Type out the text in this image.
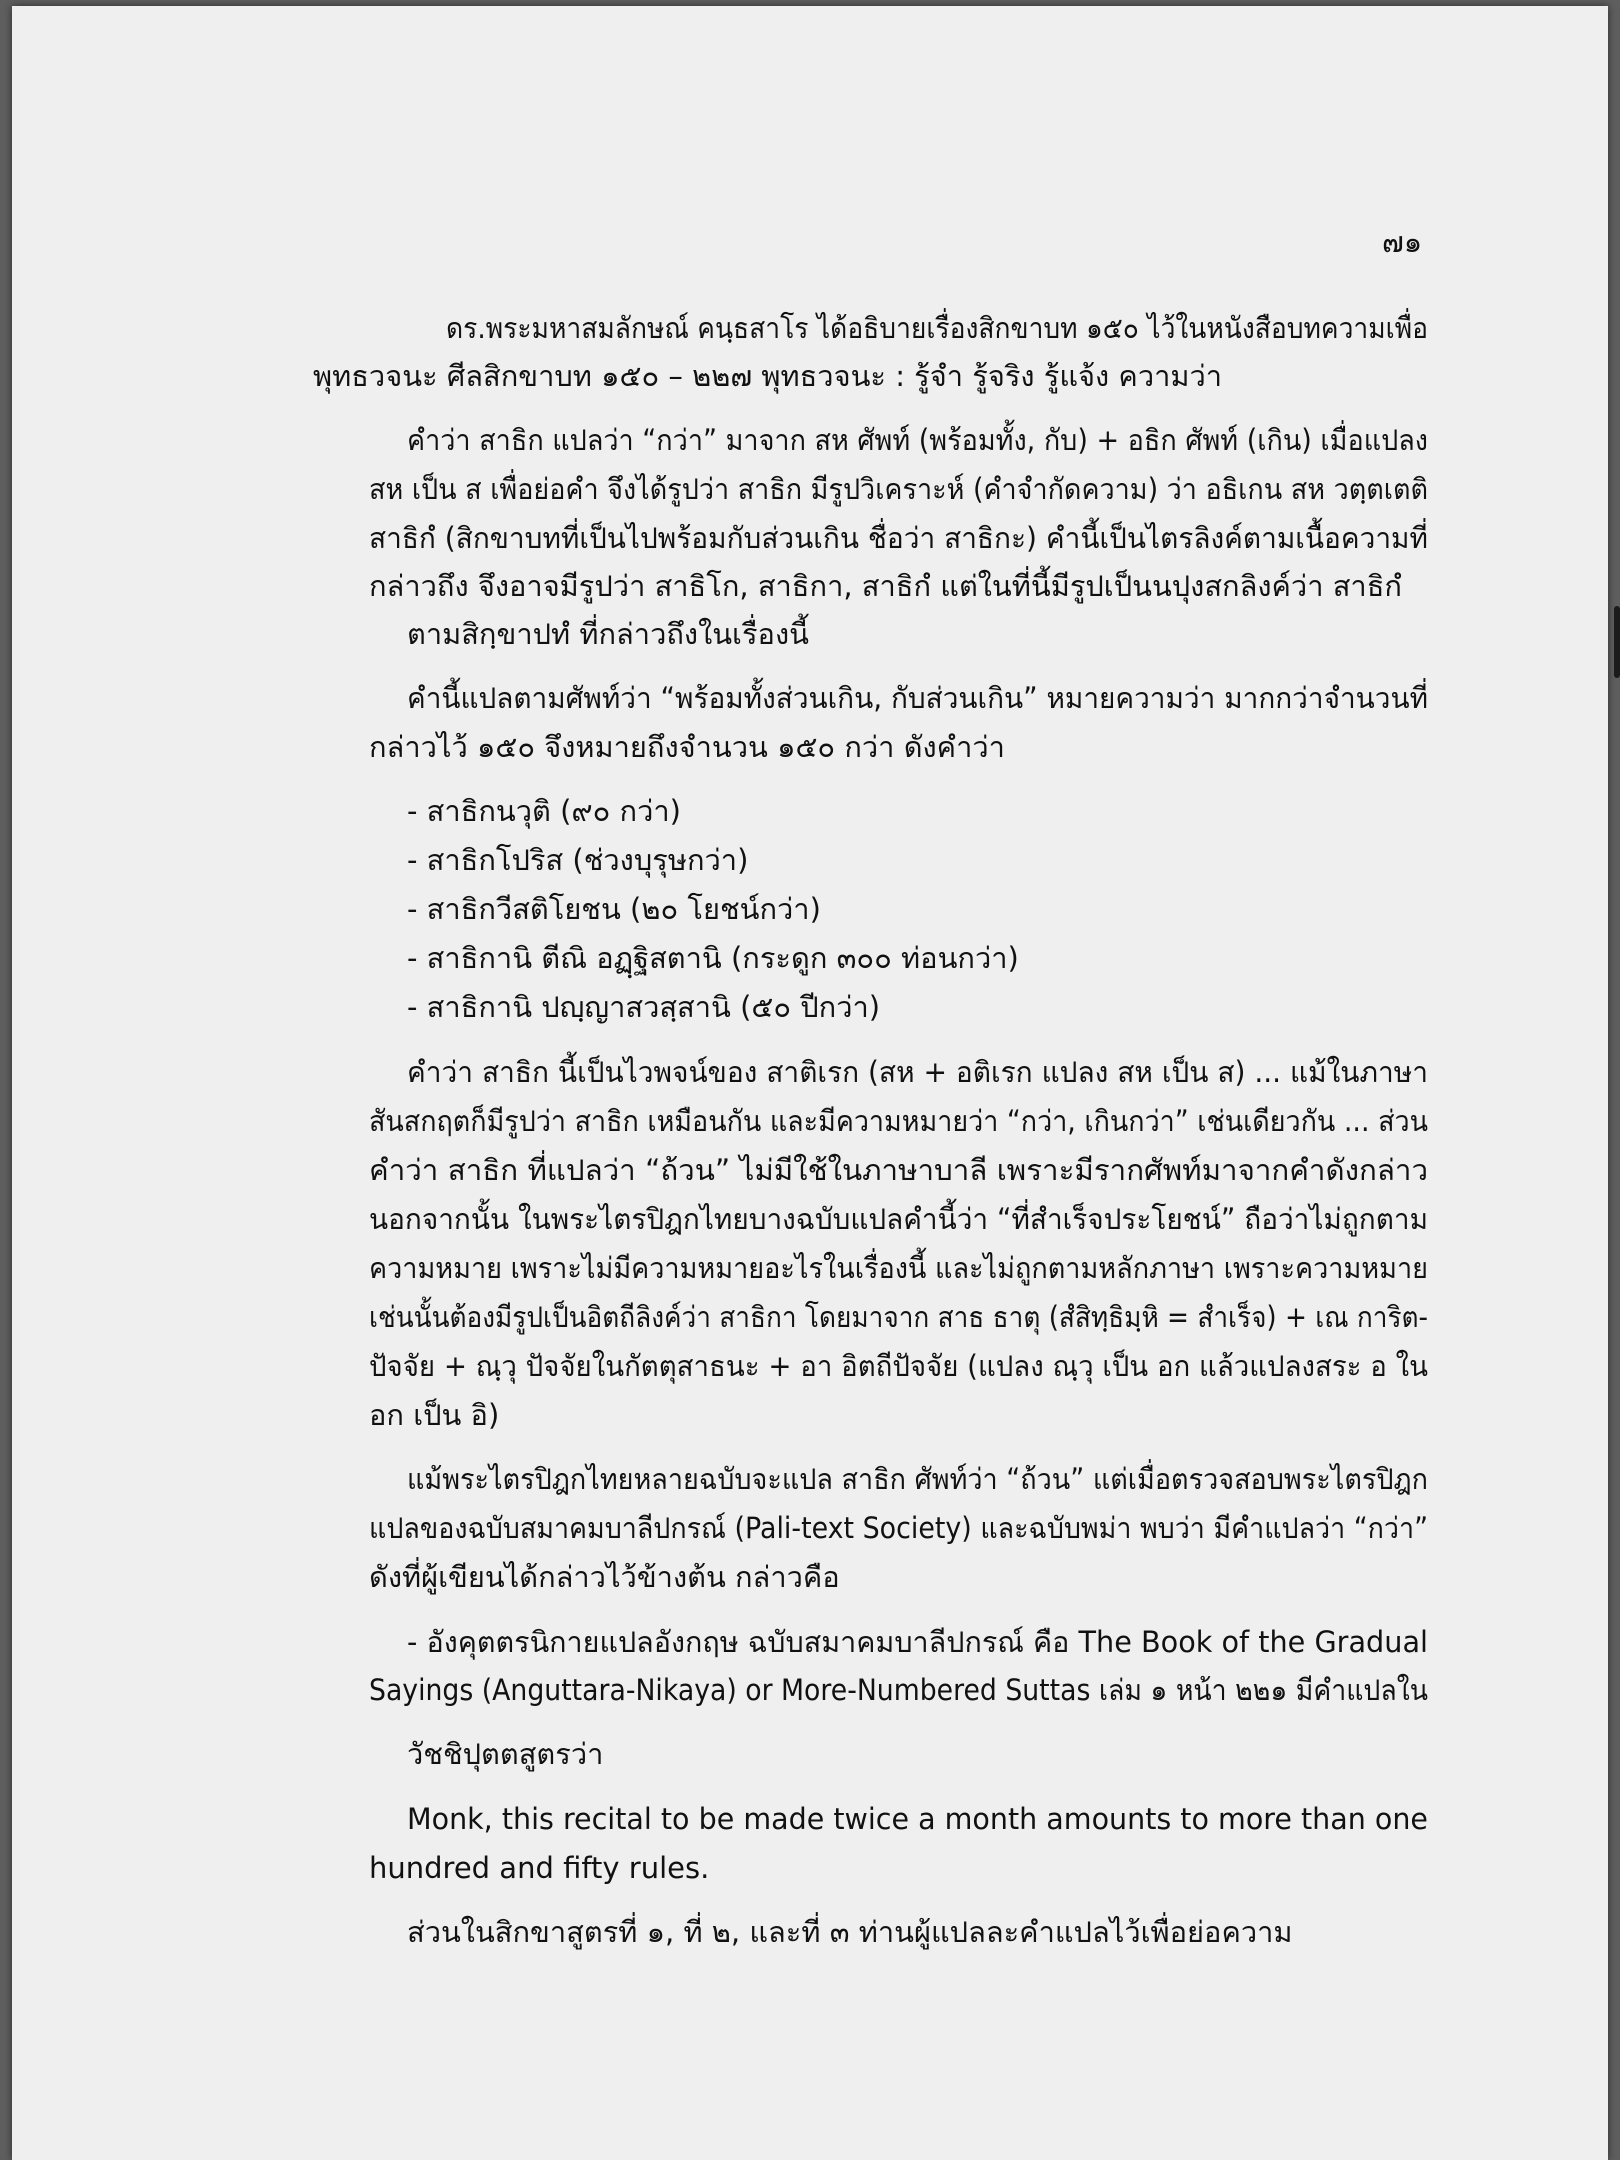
๗๑
ดร.พระมหาสมลักษณ์ คนฺธสาโร ได้อธิบายเรื่องสิกขาบท ๑๕๐ ไว้ในหนังสือบทความเพื่อ
พุทธวจนะ ศีลสิกขาบท ๑๕๐ – ๒๒๗ พุทธวจนะ : รู้จำ รู้จริง รู้แจ้ง ความว่า
คำว่า สาธิก แปลว่า “กว่า” มาจาก สห ศัพท์ (พร้อมทั้ง, กับ) + อธิก ศัพท์ (เกิน) เมื่อแปลง
สห เป็น ส เพื่อย่อคำ จึงได้รูปว่า สาธิก มีรูปวิเคราะห์ (คำจำกัดความ) ว่า อธิเกน สห วตฺตเตติ
สาธิกํ (สิกขาบทที่เป็นไปพร้อมกับส่วนเกิน ชื่อว่า สาธิกะ) คำนี้เป็นไตรลิงค์ตามเนื้อความที่
กล่าวถึง จึงอาจมีรูปว่า สาธิโก, สาธิกา, สาธิกํ แต่ในที่นี้มีรูปเป็นนปุงสกลิงค์ว่า สาธิกํ
ตามสิกฺขาปทํ ที่กล่าวถึงในเรื่องนี้
คำนี้แปลตามศัพท์ว่า “พร้อมทั้งส่วนเกิน, กับส่วนเกิน” หมายความว่า มากกว่าจำนวนที่
กล่าวไว้ ๑๕๐ จึงหมายถึงจำนวน ๑๕๐ กว่า ดังคำว่า
- สาธิกนวุติ (๙๐ กว่า)
- สาธิกโปริส (ช่วงบุรุษกว่า)
- สาธิกวีสติโยชน (๒๐ โยชน์กว่า)
- สาธิกานิ ตีณิ อฏฺฐิสตานิ (กระดูก ๓๐๐ ท่อนกว่า)
- สาธิกานิ ปญฺญาสวสฺสานิ (๕๐ ปีกว่า)
คำว่า สาธิก นี้เป็นไวพจน์ของ สาติเรก (สห + อติเรก แปลง สห เป็น ส) ... แม้ในภาษา
สันสกฤตก็มีรูปว่า สาธิก เหมือนกัน และมีความหมายว่า “กว่า, เกินกว่า” เช่นเดียวกัน ... ส่วน
คำว่า สาธิก ที่แปลว่า “ถ้วน” ไม่มีใช้ในภาษาบาลี เพราะมีรากศัพท์มาจากคำดังกล่าว
นอกจากนั้น ในพระไตรปิฎกไทยบางฉบับแปลคำนี้ว่า “ที่สำเร็จประโยชน์” ถือว่าไม่ถูกตาม
ความหมาย เพราะไม่มีความหมายอะไรในเรื่องนี้ และไม่ถูกตามหลักภาษา เพราะความหมาย
เช่นนั้นต้องมีรูปเป็นอิตถีลิงค์ว่า สาธิกา โดยมาจาก สาธ ธาตุ (สํสิทฺธิมฺหิ = สำเร็จ) + เณ การิต-
ปัจจัย + ณฺวุ ปัจจัยในกัตตุสาธนะ + อา อิตถีปัจจัย (แปลง ณฺวุ เป็น อก แล้วแปลงสระ อ ใน
อก เป็น อิ)
แม้พระไตรปิฎกไทยหลายฉบับจะแปล สาธิก ศัพท์ว่า “ถ้วน” แต่เมื่อตรวจสอบพระไตรปิฎก
แปลของฉบับสมาคมบาลีปกรณ์ (Pali-text Society) และฉบับพม่า พบว่า มีคำแปลว่า “กว่า”
ดังที่ผู้เขียนได้กล่าวไว้ข้างต้น กล่าวคือ
- อังคุตตรนิกายแปลอังกฤษ ฉบับสมาคมบาลีปกรณ์ คือ The Book of the Gradual
Sayings (Anguttara-Nikaya) or More-Numbered Suttas เล่ม ๑ หน้า ๒๒๑ มีคำแปลใน
วัชชิปุตตสูตรว่า
Monk, this recital to be made twice a month amounts to more than one
hundred and fifty rules.
ส่วนในสิกขาสูตรที่ ๑, ที่ ๒, และที่ ๓ ท่านผู้แปลละคำแปลไว้เพื่อย่อความ
